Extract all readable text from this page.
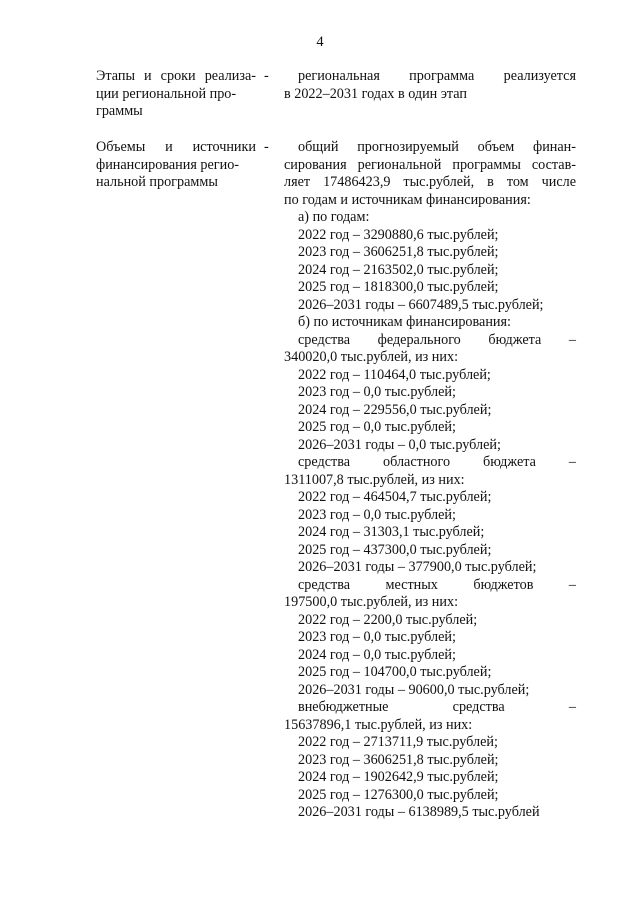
4
Этапы и сроки реализа-
ции региональной про-
граммы
-	региональная программа реализуется
в 2022–2031 годах в один этап
Объемы и источники
финансирования регио-
нальной программы
-	общий прогнозируемый объем финан-
сирования региональной программы состав-
ляет 17486423,9 тыс.рублей, в том числе
по годам и источникам финансирования:
а) по годам:
2022 год – 3290880,6 тыс.рублей;
2023 год – 3606251,8 тыс.рублей;
2024 год – 2163502,0 тыс.рублей;
2025 год – 1818300,0 тыс.рублей;
2026–2031 годы – 6607489,5 тыс.рублей;
б) по источникам финансирования:
средства федерального бюджета –
340020,0 тыс.рублей, из них:
2022 год – 110464,0 тыс.рублей;
2023 год – 0,0 тыс.рублей;
2024 год – 229556,0 тыс.рублей;
2025 год – 0,0 тыс.рублей;
2026–2031 годы – 0,0 тыс.рублей;
средства областного бюджета –
1311007,8 тыс.рублей, из них:
2022 год – 464504,7 тыс.рублей;
2023 год – 0,0 тыс.рублей;
2024 год – 31303,1 тыс.рублей;
2025 год – 437300,0 тыс.рублей;
2026–2031 годы – 377900,0 тыс.рублей;
средства местных бюджетов –
197500,0 тыс.рублей, из них:
2022 год – 2200,0 тыс.рублей;
2023 год – 0,0 тыс.рублей;
2024 год – 0,0 тыс.рублей;
2025 год – 104700,0 тыс.рублей;
2026–2031 годы – 90600,0 тыс.рублей;
внебюджетные средства –
15637896,1 тыс.рублей, из них:
2022 год – 2713711,9 тыс.рублей;
2023 год – 3606251,8 тыс.рублей;
2024 год – 1902642,9 тыс.рублей;
2025 год – 1276300,0 тыс.рублей;
2026–2031 годы – 6138989,5 тыс.рублей
